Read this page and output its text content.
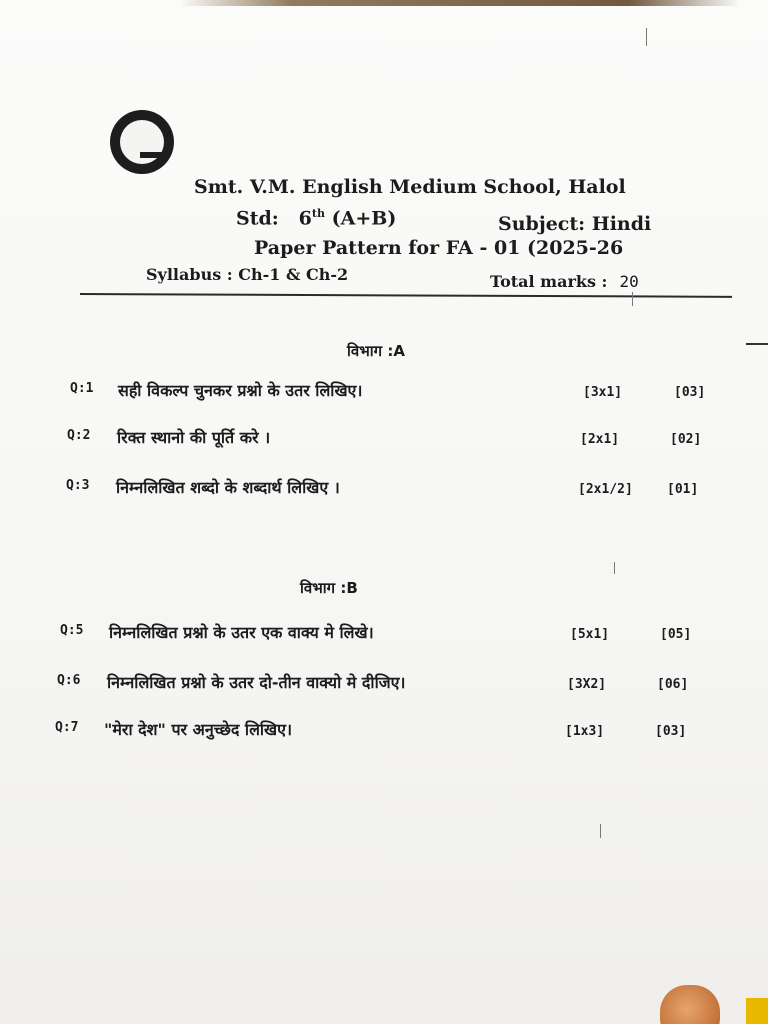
Smt. V.M. English Medium School, Halol
Std: 6th (A+B)	Subject: Hindi
Paper Pattern for FA - 01 (2025-26
Syllabus : Ch-1 & Ch-2	Total marks : 20
विभाग :A
Q:1 सही विकल्प चुनकर प्रश्नो के उतर लिखिए।	[3x1]	[03]
Q:2 रिक्त स्थानो की पूर्ति करे ।	[2x1]	[02]
Q:3 निम्नलिखित शब्दो के शब्दार्थ लिखिए ।	[2x1/2]	[01]
विभाग :B
Q:5 निम्नलिखित प्रश्नो के उतर एक वाक्य मे लिखे।	[5x1]	[05]
Q:6 निम्नलिखित प्रश्नो के उतर दो-तीन वाक्यो मे दीजिए।	[3X2]	[06]
Q:7 "मेरा देश" पर अनुच्छेद लिखिए।	[1x3]	[03]
